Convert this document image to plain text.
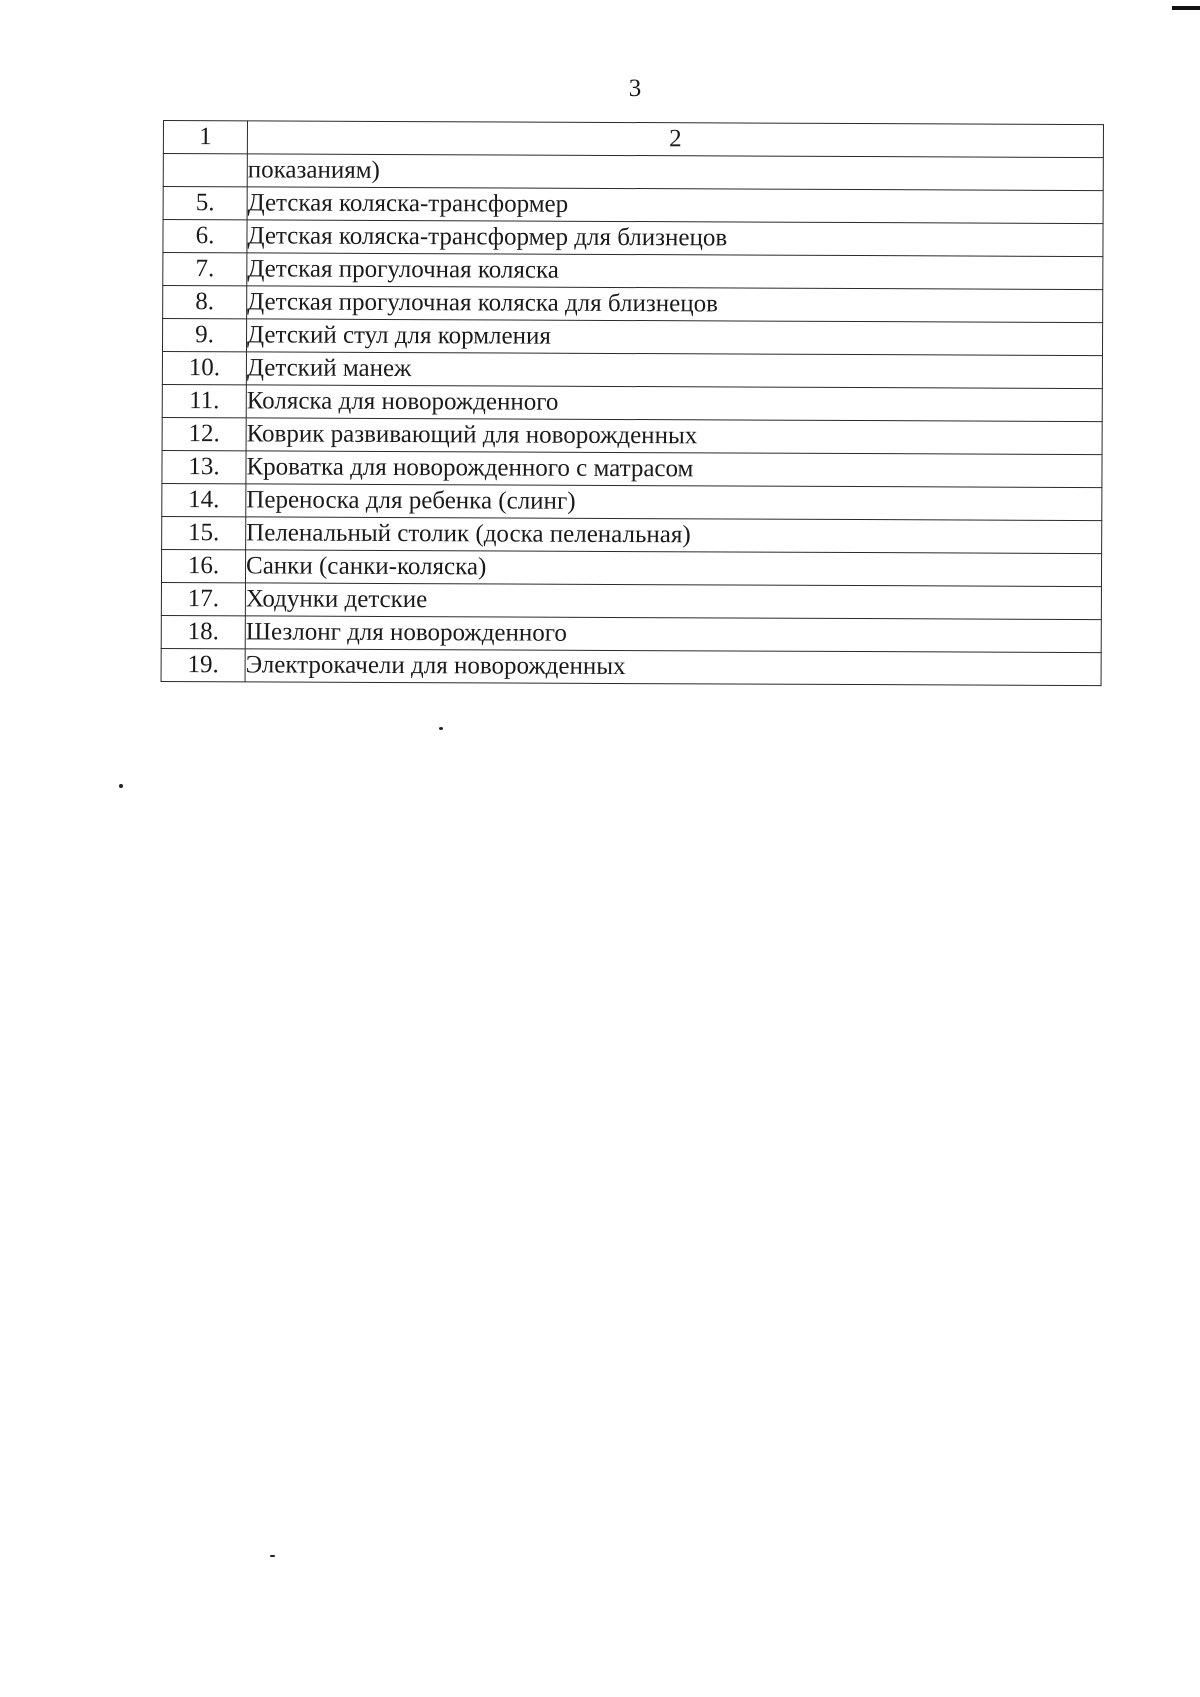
3
1	2
	показаниям)
5.	Детская коляска-трансформер
6.	Детская коляска-трансформер для близнецов
7.	Детская прогулочная коляска
8.	Детская прогулочная коляска для близнецов
9.	Детский стул для кормления
10.	Детский манеж
11.	Коляска для новорожденного
12.	Коврик развивающий для новорожденных
13.	Кроватка для новорожденного с матрасом
14.	Переноска для ребенка (слинг)
15.	Пеленальный столик (доска пеленальная)
16.	Санки (санки-коляска)
17.	Ходунки детские
18.	Шезлонг для новорожденного
19.	Электрокачели для новорожденных
